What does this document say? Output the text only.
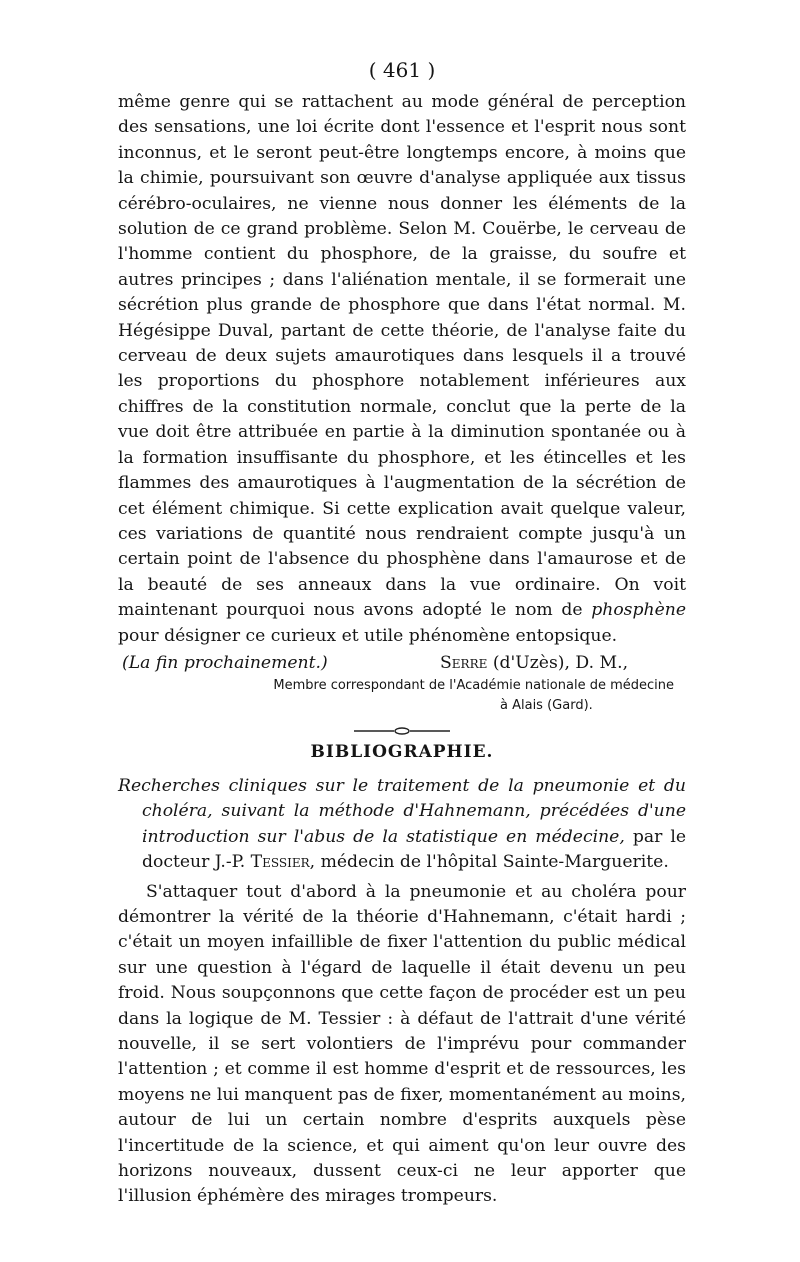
( 461 )

même genre qui se rattachent au mode général de perception des sensations, une loi écrite dont l'essence et l'esprit nous sont inconnus, et le seront peut-être longtemps encore, à moins que la chimie, poursuivant son œuvre d'analyse appliquée aux tissus cérébro-oculaires, ne vienne nous donner les éléments de la solution de ce grand problème. Selon M. Couërbe, le cerveau de l'homme contient du phosphore, de la graisse, du soufre et autres principes ; dans l'aliénation mentale, il se formerait une sécrétion plus grande de phosphore que dans l'état normal. M. Hégésippe Duval, partant de cette théorie, de l'analyse faite du cerveau de deux sujets amaurotiques dans lesquels il a trouvé les proportions du phosphore notablement inférieures aux chiffres de la constitution normale, conclut que la perte de la vue doit être attribuée en partie à la diminution spontanée ou à la formation insuffisante du phosphore, et les étincelles et les flammes des amaurotiques à l'augmentation de la sécrétion de cet élément chimique. Si cette explication avait quelque valeur, ces variations de quantité nous rendraient compte jusqu'à un certain point de l'absence du phosphène dans l'amaurose et de la beauté de ses anneaux dans la vue ordinaire. On voit maintenant pourquoi nous avons adopté le nom de phosphène pour désigner ce curieux et utile phénomène entopsique.

(La fin prochainement.)	Serre (d'Uzès), D. M.,
Membre correspondant de l'Académie nationale de médecine
à Alais (Gard).
BIBLIOGRAPHIE.

Recherches cliniques sur le traitement de la pneumonie et du choléra, suivant la méthode d'Hahnemann, précédées d'une introduction sur l'abus de la statistique en médecine, par le docteur J.-P. Tessier, médecin de l'hôpital Sainte-Marguerite.

S'attaquer tout d'abord à la pneumonie et au choléra pour démontrer la vérité de la théorie d'Hahnemann, c'était hardi ; c'était un moyen infaillible de fixer l'attention du public médical sur une question à l'égard de laquelle il était devenu un peu froid. Nous soupçonnons que cette façon de procéder est un peu dans la logique de M. Tessier : à défaut de l'attrait d'une vérité nouvelle, il se sert volontiers de l'imprévu pour commander l'attention ; et comme il est homme d'esprit et de ressources, les moyens ne lui manquent pas de fixer, momentanément au moins, autour de lui un certain nombre d'esprits auxquels pèse l'incertitude de la science, et qui aiment qu'on leur ouvre des horizons nouveaux, dussent ceux-ci ne leur apporter que l'illusion éphémère des mirages trompeurs.
